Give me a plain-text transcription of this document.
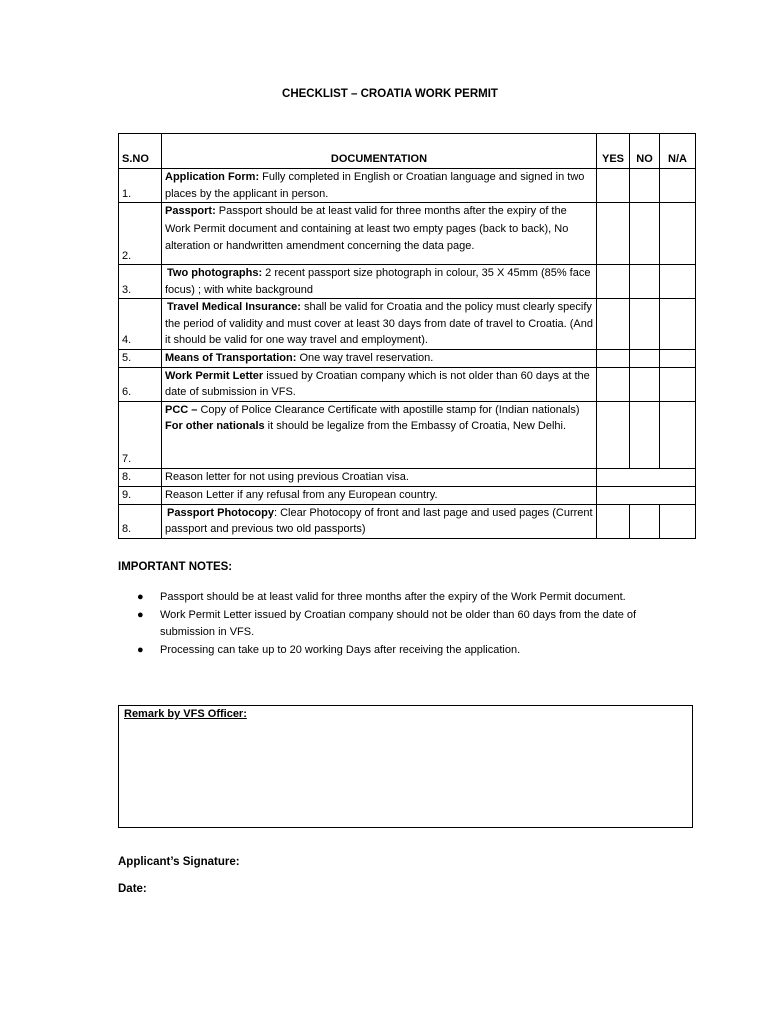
CHECKLIST – CROATIA WORK PERMIT
S.NO	DOCUMENTATION	YES	NO	N/A
1.	Application Form: Fully completed in English or Croatian language and signed in two places by the applicant in person.			
2.	Passport: Passport should be at least valid for three months after the expiry of the Work Permit document and containing at least two empty pages (back to back), No alteration or handwritten amendment concerning the data page.			
3.	Two photographs: 2 recent passport size photograph in colour, 35 X 45mm (85% face focus) ; with white background			
4.	Travel Medical Insurance: shall be valid for Croatia and the policy must clearly specify the period of validity and must cover at least 30 days from date of travel to Croatia. (And it should be valid for one way travel and employment).			
5.	Means of Transportation: One way travel reservation.			
6.	Work Permit Letter issued by Croatian company which is not older than 60 days at the date of submission in VFS.			
7.	PCC – Copy of Police Clearance Certificate with apostille stamp for (Indian nationals)
For other nationals it should be legalize from the Embassy of Croatia, New Delhi.			
8.	Reason letter for not using previous Croatian visa.			
9.	Reason Letter if any refusal from any European country.			
8.	Passport Photocopy: Clear Photocopy of front and last page and used pages (Current passport and previous two old passports)			
IMPORTANT NOTES:
● Passport should be at least valid for three months after the expiry of the Work Permit document.
● Work Permit Letter issued by Croatian company should not be older than 60 days from the date of submission in VFS.
● Processing can take up to 20 working Days after receiving the application.
Remark by VFS Officer:
Applicant’s Signature:
Date:
